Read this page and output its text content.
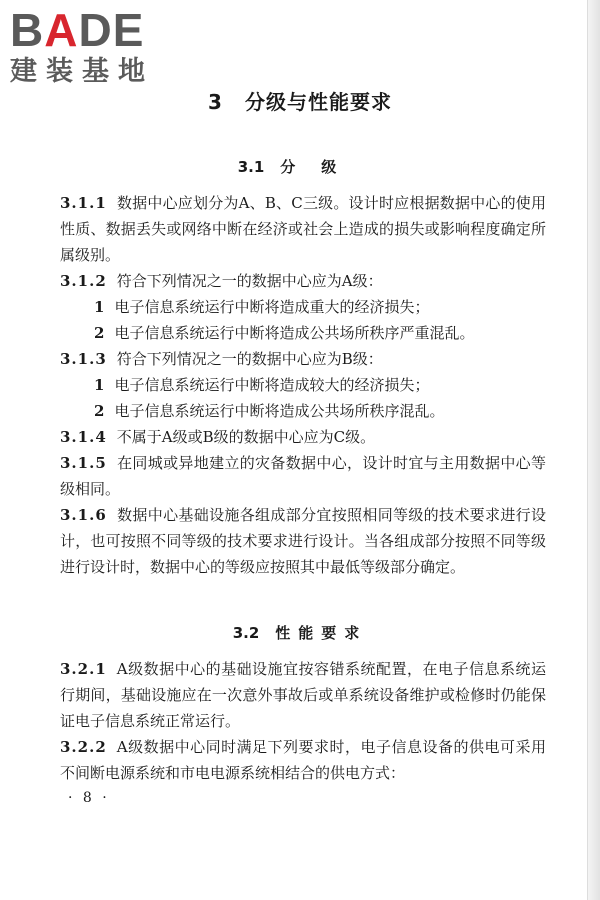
BADE
建装基地
3 分级与性能要求
3.1 分级

3.1.1 数据中心应划分为A、B、C三级。设计时应根据数据中心的使用性质、数据丢失或网络中断在经济或社会上造成的损失或影响程度确定所属级别。

3.1.2 符合下列情况之一的数据中心应为A级：

1 电子信息系统运行中断将造成重大的经济损失；

2 电子信息系统运行中断将造成公共场所秩序严重混乱。

3.1.3 符合下列情况之一的数据中心应为B级：

1 电子信息系统运行中断将造成较大的经济损失；

2 电子信息系统运行中断将造成公共场所秩序混乱。

3.1.4 不属于A级或B级的数据中心应为C级。

3.1.5 在同城或异地建立的灾备数据中心，设计时宜与主用数据中心等级相同。

3.1.6 数据中心基础设施各组成部分宜按照相同等级的技术要求进行设计，也可按照不同等级的技术要求进行设计。当各组成部分按照不同等级进行设计时，数据中心的等级应按照其中最低等级部分确定。

3.2 性能要求

3.2.1 A级数据中心的基础设施宜按容错系统配置，在电子信息系统运行期间，基础设施应在一次意外事故后或单系统设备维护或检修时仍能保证电子信息系统正常运行。

3.2.2 A级数据中心同时满足下列要求时，电子信息设备的供电可采用不间断电源系统和市电电源系统相结合的供电方式：

· 8 ·
